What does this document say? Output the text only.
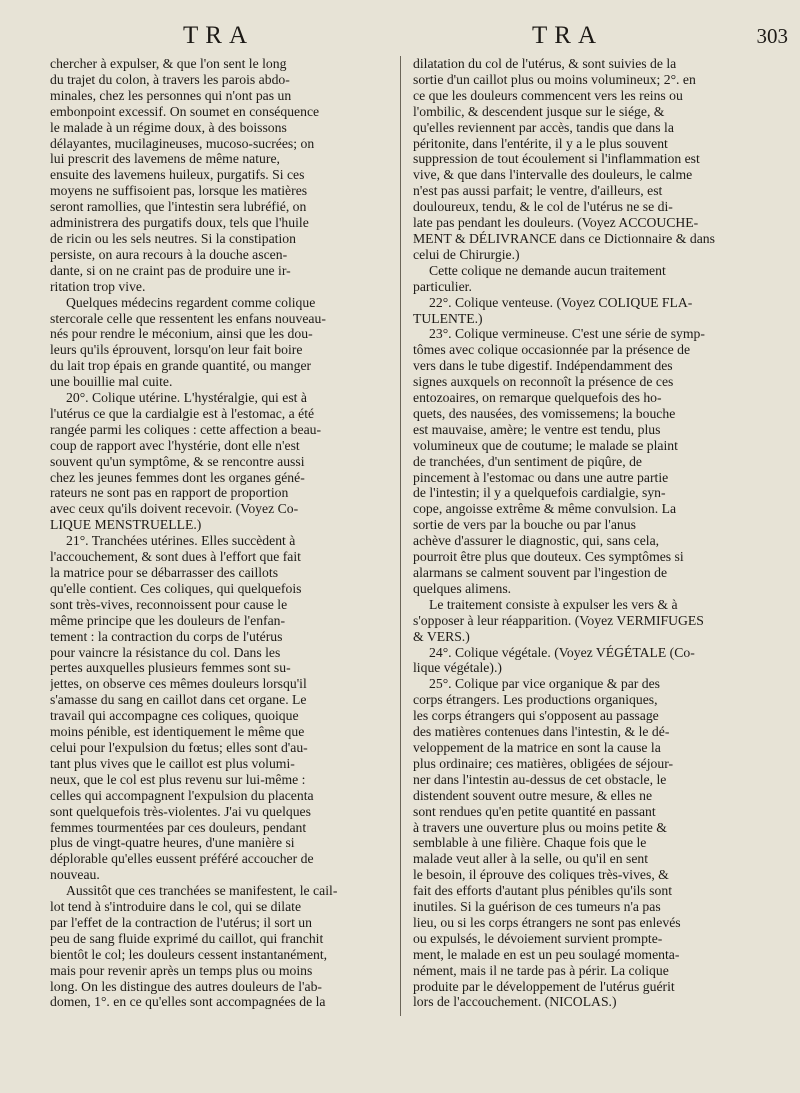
TRA	TRA	303
chercher à expulser, & que l'on sent le long
du trajet du colon, à travers les parois abdo-
minales, chez les personnes qui n'ont pas un
embonpoint excessif. On soumet en conséquence
le malade à un régime doux, à des boissons
délayantes, mucilagineuses, mucoso-sucrées; on
lui prescrit des lavemens de même nature,
ensuite des lavemens huileux, purgatifs. Si ces
moyens ne suffisoient pas, lorsque les matières
seront ramollies, que l'intestin sera lubréfié, on
administrera des purgatifs doux, tels que l'huile
de ricin ou les sels neutres. Si la constipation
persiste, on aura recours à la douche ascen-
dante, si on ne craint pas de produire une ir-
ritation trop vive.
Quelques médecins regardent comme colique
stercorale celle que ressentent les enfans nouveau-
nés pour rendre le méconium, ainsi que les dou-
leurs qu'ils éprouvent, lorsqu'on leur fait boire
du lait trop épais en grande quantité, ou manger
une bouillie mal cuite.
20°. Colique utérine. L'hystéralgie, qui est à
l'utérus ce que la cardialgie est à l'estomac, a été
rangée parmi les coliques : cette affection a beau-
coup de rapport avec l'hystérie, dont elle n'est
souvent qu'un symptôme, & se rencontre aussi
chez les jeunes femmes dont les organes géné-
rateurs ne sont pas en rapport de proportion
avec ceux qu'ils doivent recevoir. (Voyez Co-
LIQUE MENSTRUELLE.)
21°. Tranchées utérines. Elles succèdent à
l'accouchement, & sont dues à l'effort que fait
la matrice pour se débarrasser des caillots
qu'elle contient. Ces coliques, qui quelquefois
sont très-vives, reconnoissent pour cause le
même principe que les douleurs de l'enfan-
tement : la contraction du corps de l'utérus
pour vaincre la résistance du col. Dans les
pertes auxquelles plusieurs femmes sont su-
jettes, on observe ces mêmes douleurs lorsqu'il
s'amasse du sang en caillot dans cet organe. Le
travail qui accompagne ces coliques, quoique
moins pénible, est identiquement le même que
celui pour l'expulsion du fœtus; elles sont d'au-
tant plus vives que le caillot est plus volumi-
neux, que le col est plus revenu sur lui-même :
celles qui accompagnent l'expulsion du placenta
sont quelquefois très-violentes. J'ai vu quelques
femmes tourmentées par ces douleurs, pendant
plus de vingt-quatre heures, d'une manière si
déplorable qu'elles eussent préféré accoucher de
nouveau.
Aussitôt que ces tranchées se manifestent, le cail-
lot tend à s'introduire dans le col, qui se dilate
par l'effet de la contraction de l'utérus; il sort un
peu de sang fluide exprimé du caillot, qui franchit
bientôt le col; les douleurs cessent instantanément,
mais pour revenir après un temps plus ou moins
long. On les distingue des autres douleurs de l'ab-
domen, 1°. en ce qu'elles sont accompagnées de la
dilatation du col de l'utérus, & sont suivies de la
sortie d'un caillot plus ou moins volumineux; 2°. en
ce que les douleurs commencent vers les reins ou
l'ombilic, & descendent jusque sur le siége, &
qu'elles reviennent par accès, tandis que dans la
péritonite, dans l'entérite, il y a le plus souvent
suppression de tout écoulement si l'inflammation est
vive, & que dans l'intervalle des douleurs, le calme
n'est pas aussi parfait; le ventre, d'ailleurs, est
douloureux, tendu, & le col de l'utérus ne se di-
late pas pendant les douleurs. (Voyez ACCOUCHE-
MENT & DÉLIVRANCE dans ce Dictionnaire & dans
celui de Chirurgie.)
Cette colique ne demande aucun traitement
particulier.
22°. Colique venteuse. (Voyez COLIQUE FLA-
TULENTE.)
23°. Colique vermineuse. C'est une série de symp-
tômes avec colique occasionnée par la présence de
vers dans le tube digestif. Indépendamment des
signes auxquels on reconnoît la présence de ces
entozoaires, on remarque quelquefois des ho-
quets, des nausées, des vomissemens; la bouche
est mauvaise, amère; le ventre est tendu, plus
volumineux que de coutume; le malade se plaint
de tranchées, d'un sentiment de piqûre, de
pincement à l'estomac ou dans une autre partie
de l'intestin; il y a quelquefois cardialgie, syn-
cope, angoisse extrême & même convulsion. La
sortie de vers par la bouche ou par l'anus
achève d'assurer le diagnostic, qui, sans cela,
pourroit être plus que douteux. Ces symptômes si
alarmans se calment souvent par l'ingestion de
quelques alimens.
Le traitement consiste à expulser les vers & à
s'opposer à leur réapparition. (Voyez VERMIFUGES
& VERS.)
24°. Colique végétale. (Voyez VÉGÉTALE (Co-
lique végétale).)
25°. Colique par vice organique & par des
corps étrangers. Les productions organiques,
les corps étrangers qui s'opposent au passage
des matières contenues dans l'intestin, & le dé-
veloppement de la matrice en sont la cause la
plus ordinaire; ces matières, obligées de séjour-
ner dans l'intestin au-dessus de cet obstacle, le
distendent souvent outre mesure, & elles ne
sont rendues qu'en petite quantité en passant
à travers une ouverture plus ou moins petite &
semblable à une filière. Chaque fois que le
malade veut aller à la selle, ou qu'il en sent
le besoin, il éprouve des coliques très-vives, &
fait des efforts d'autant plus pénibles qu'ils sont
inutiles. Si la guérison de ces tumeurs n'a pas
lieu, ou si les corps étrangers ne sont pas enlevés
ou expulsés, le dévoiement survient prompte-
ment, le malade en est un peu soulagé momenta-
nément, mais il ne tarde pas à périr. La colique
produite par le développement de l'utérus guérit
lors de l'accouchement. (NICOLAS.)
